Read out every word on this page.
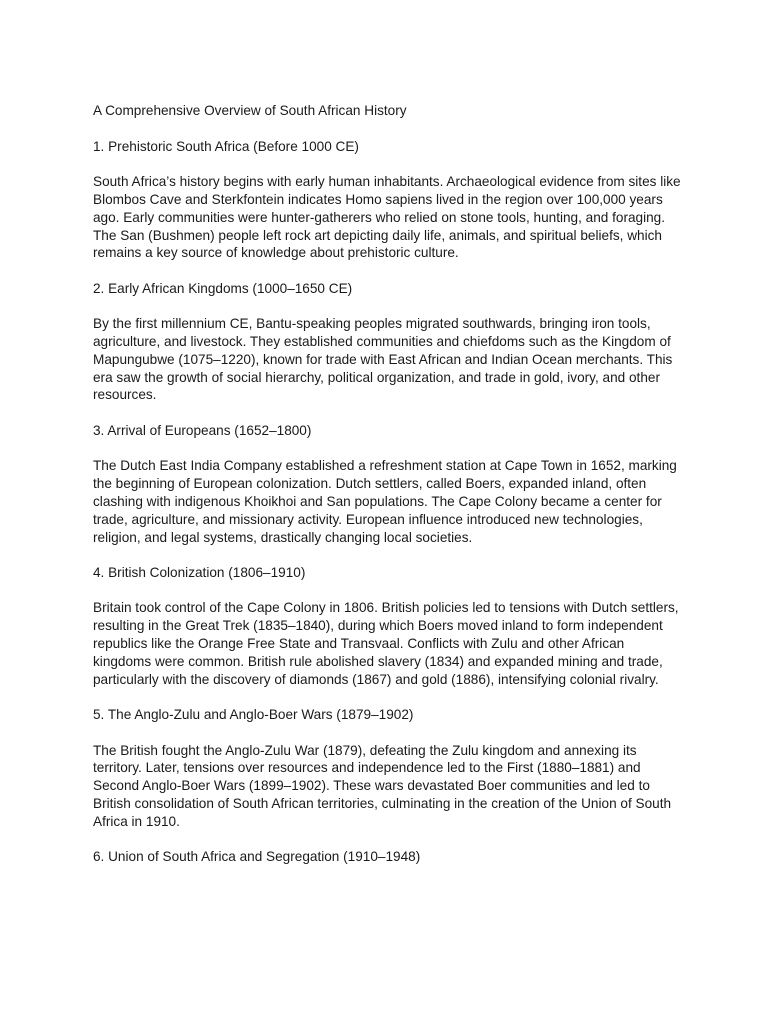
A Comprehensive Overview of South African History

1. Prehistoric South Africa (Before 1000 CE)

South Africa’s history begins with early human inhabitants. Archaeological evidence from sites like Blombos Cave and Sterkfontein indicates Homo sapiens lived in the region over 100,000 years ago. Early communities were hunter-gatherers who relied on stone tools, hunting, and foraging. The San (Bushmen) people left rock art depicting daily life, animals, and spiritual beliefs, which remains a key source of knowledge about prehistoric culture.

2. Early African Kingdoms (1000–1650 CE)

By the first millennium CE, Bantu-speaking peoples migrated southwards, bringing iron tools, agriculture, and livestock. They established communities and chiefdoms such as the Kingdom of Mapungubwe (1075–1220), known for trade with East African and Indian Ocean merchants. This era saw the growth of social hierarchy, political organization, and trade in gold, ivory, and other resources.

3. Arrival of Europeans (1652–1800)

The Dutch East India Company established a refreshment station at Cape Town in 1652, marking the beginning of European colonization. Dutch settlers, called Boers, expanded inland, often clashing with indigenous Khoikhoi and San populations. The Cape Colony became a center for trade, agriculture, and missionary activity. European influence introduced new technologies, religion, and legal systems, drastically changing local societies.

4. British Colonization (1806–1910)

Britain took control of the Cape Colony in 1806. British policies led to tensions with Dutch settlers, resulting in the Great Trek (1835–1840), during which Boers moved inland to form independent republics like the Orange Free State and Transvaal. Conflicts with Zulu and other African kingdoms were common. British rule abolished slavery (1834) and expanded mining and trade, particularly with the discovery of diamonds (1867) and gold (1886), intensifying colonial rivalry.

5. The Anglo-Zulu and Anglo-Boer Wars (1879–1902)

The British fought the Anglo-Zulu War (1879), defeating the Zulu kingdom and annexing its territory. Later, tensions over resources and independence led to the First (1880–1881) and Second Anglo-Boer Wars (1899–1902). These wars devastated Boer communities and led to British consolidation of South African territories, culminating in the creation of the Union of South Africa in 1910.

6. Union of South Africa and Segregation (1910–1948)
